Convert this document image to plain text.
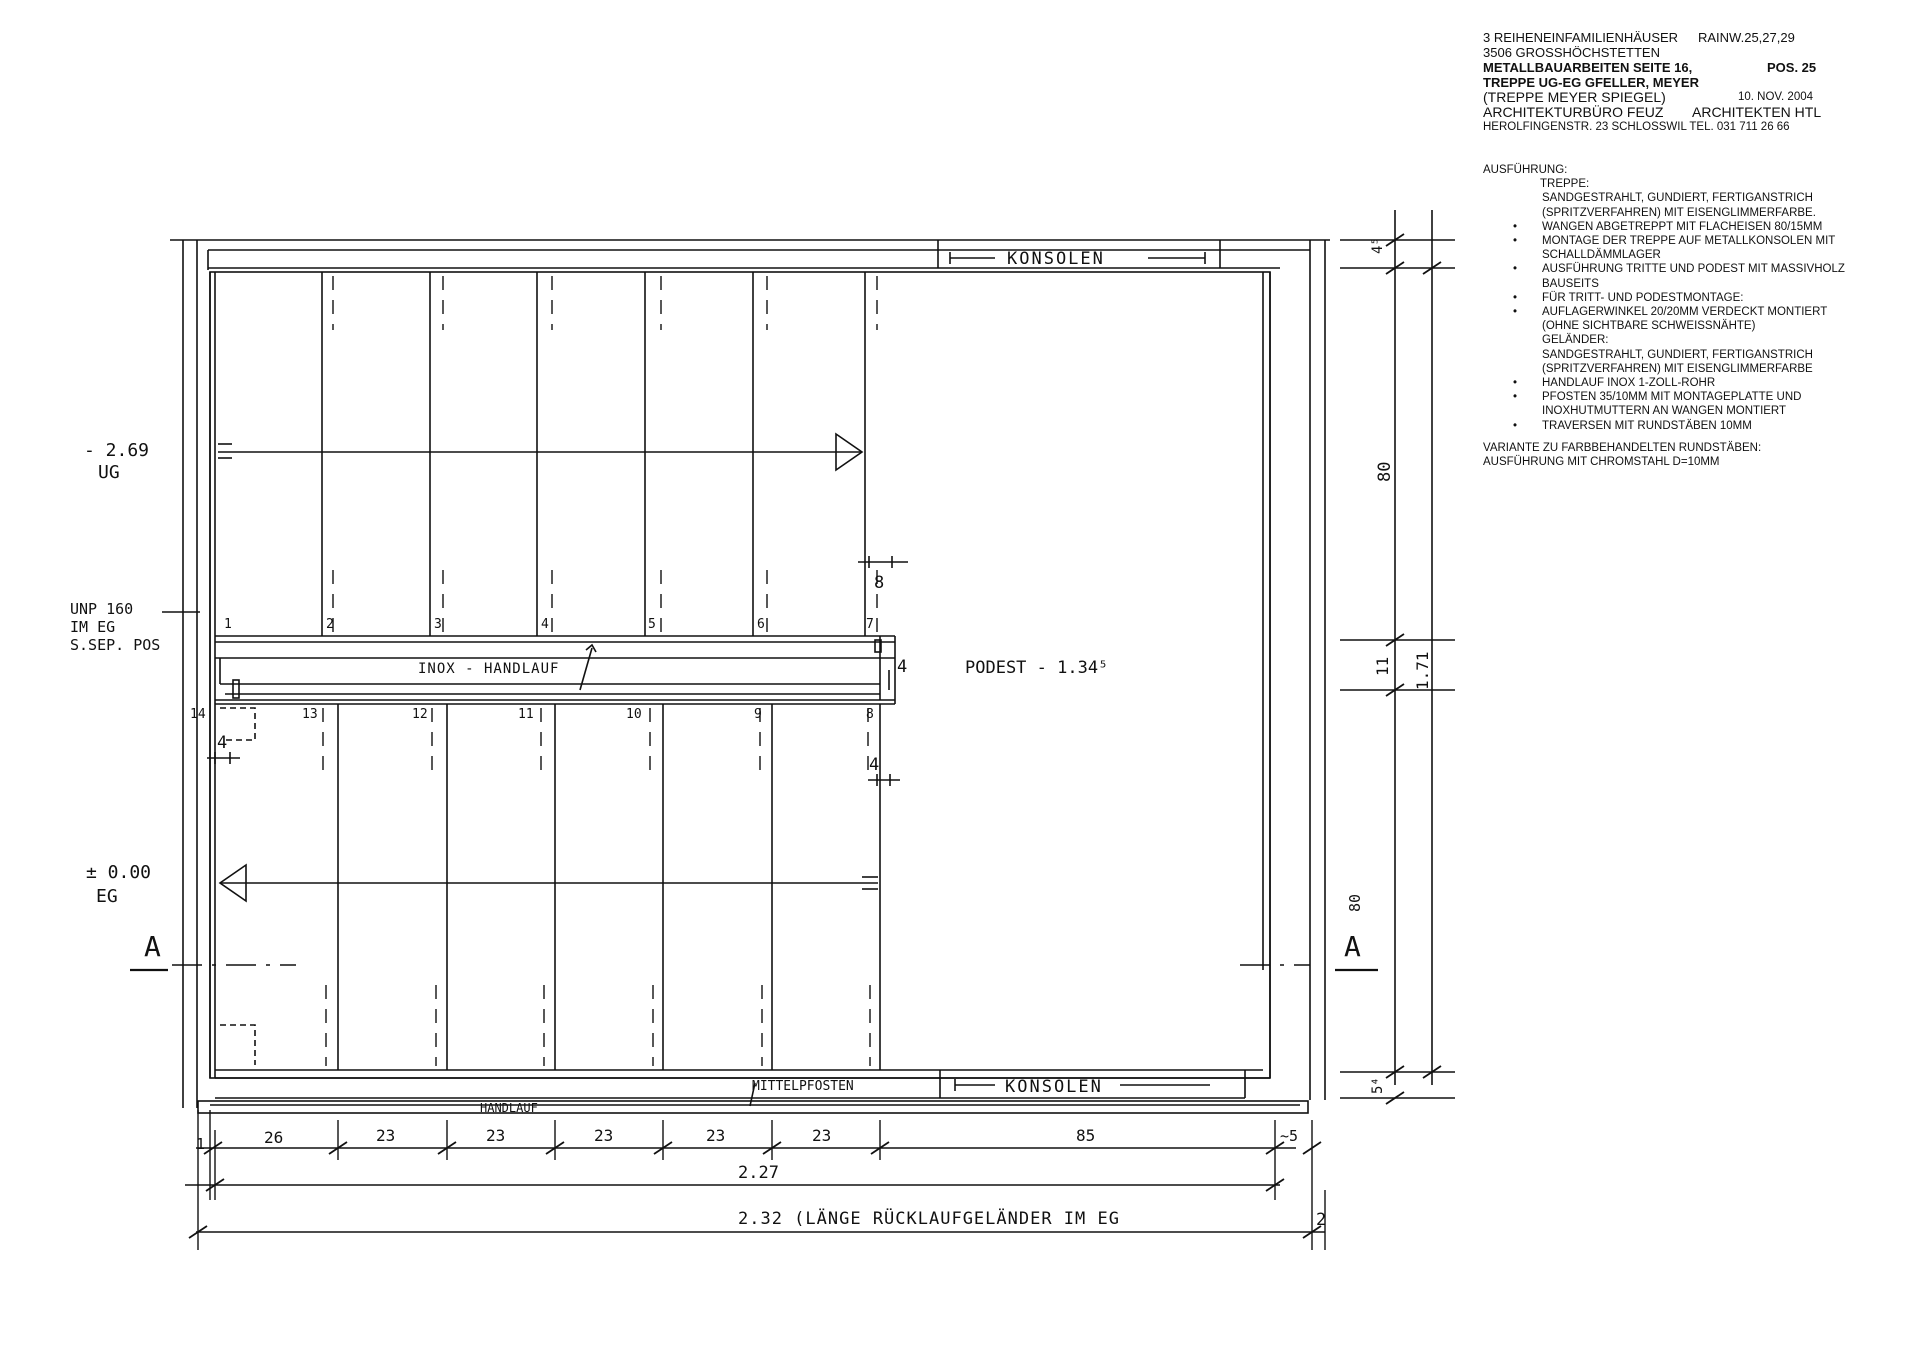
- 2.69
UG
UNP 160
IM EG
S.SEP. POS
± 0.00
EG
A	A
KONSOLEN
KONSOLEN
INOX - HANDLAUF	PODEST - 1.34⁵
MITTELPFOSTEN
HANDLAUF
1	2	3	4	5	6	7
14	13	12	11	10	9	8
8
4
4
4
1	26	23	23	23	23	23	85	~5
2.27
2.32 (LÄNGE RÜCKLAUFGELÄNDER IM EG	2
4⁵
80
11
80
5⁴
1.71
3 REIHENEINFAMILIENHÄUSER RAINW.25,27,29
3506 GROSSHÖCHSTETTEN
METALLBAUARBEITEN SEITE 16,	POS. 25
TREPPE UG-EG GFELLER, MEYER
(TREPPE MEYER SPIEGEL)	10. NOV. 2004
ARCHITEKTURBÜRO FEUZ ARCHITEKTEN HTL
HEROLFINGENSTR. 23 SCHLOSSWIL TEL. 031 711 26 66
AUSFÜHRUNG:
TREPPE:
SANDGESTRAHLT, GUNDIERT, FERTIGANSTRICH
(SPRITZVERFAHREN) MIT EISENGLIMMERFARBE.
• WANGEN ABGETREPPT MIT FLACHEISEN 80/15MM
• MONTAGE DER TREPPE AUF METALLKONSOLEN MIT
SCHALLDÄMMLAGER
• AUSFÜHRUNG TRITTE UND PODEST MIT MASSIVHOLZ
BAUSEITS
• FÜR TRITT- UND PODESTMONTAGE:
• AUFLAGERWINKEL 20/20MM VERDECKT MONTIERT
(OHNE SICHTBARE SCHWEISSNÄHTE)
GELÄNDER:
SANDGESTRAHLT, GUNDIERT, FERTIGANSTRICH
(SPRITZVERFAHREN) MIT EISENGLIMMERFARBE
• HANDLAUF INOX 1-ZOLL-ROHR
• PFOSTEN 35/10MM MIT MONTAGEPLATTE UND
INOXHUTMUTTERN AN WANGEN MONTIERT
• TRAVERSEN MIT RUNDSTÄBEN 10MM
VARIANTE ZU FARBBEHANDELTEN RUNDSTÄBEN:
AUSFÜHRUNG MIT CHROMSTAHL D=10MM
